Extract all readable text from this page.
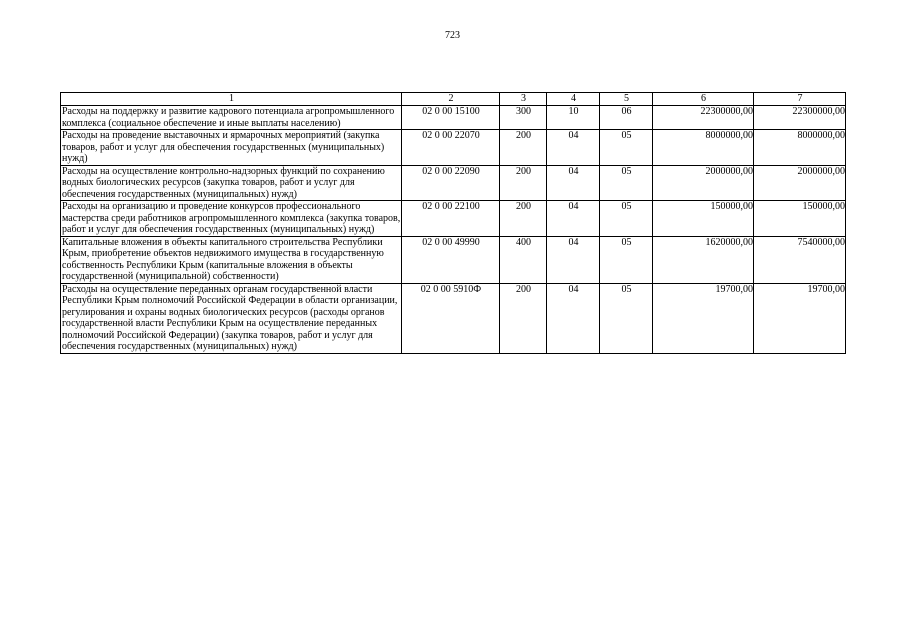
723
1	2	3	4	5	6	7
Расходы на поддержку и развитие кадрового потенциала агропромышленного комплекса (социальное обеспечение и иные выплаты населению)	02 0 00 15100	300	10	06	22300000,00	22300000,00
Расходы на проведение выставочных и ярмарочных мероприятий (закупка товаров, работ и услуг для обеспечения государственных (муниципальных) нужд)	02 0 00 22070	200	04	05	8000000,00	8000000,00
Расходы на осуществление контрольно-надзорных функций по сохранению водных биологических ресурсов (закупка товаров, работ и услуг для обеспечения государственных (муниципальных) нужд)	02 0 00 22090	200	04	05	2000000,00	2000000,00
Расходы на организацию и проведение конкурсов профессионального мастерства среди работников агропромышленного комплекса (закупка товаров, работ и услуг для обеспечения государственных (муниципальных) нужд)	02 0 00 22100	200	04	05	150000,00	150000,00
Капитальные вложения в объекты капитального строительства Республики Крым, приобретение объектов недвижимого имущества в государственную собственность Республики Крым (капитальные вложения в объекты государственной (муниципальной) собственности)	02 0 00 49990	400	04	05	1620000,00	7540000,00
Расходы на осуществление переданных органам государственной власти Республики Крым полномочий Российской Федерации в области организации, регулирования и охраны водных биологических ресурсов (расходы органов государственной власти Республики Крым на осуществление переданных полномочий Российской Федерации) (закупка товаров, работ и услуг для обеспечения государственных (муниципальных) нужд)	02 0 00 5910Ф	200	04	05	19700,00	19700,00
